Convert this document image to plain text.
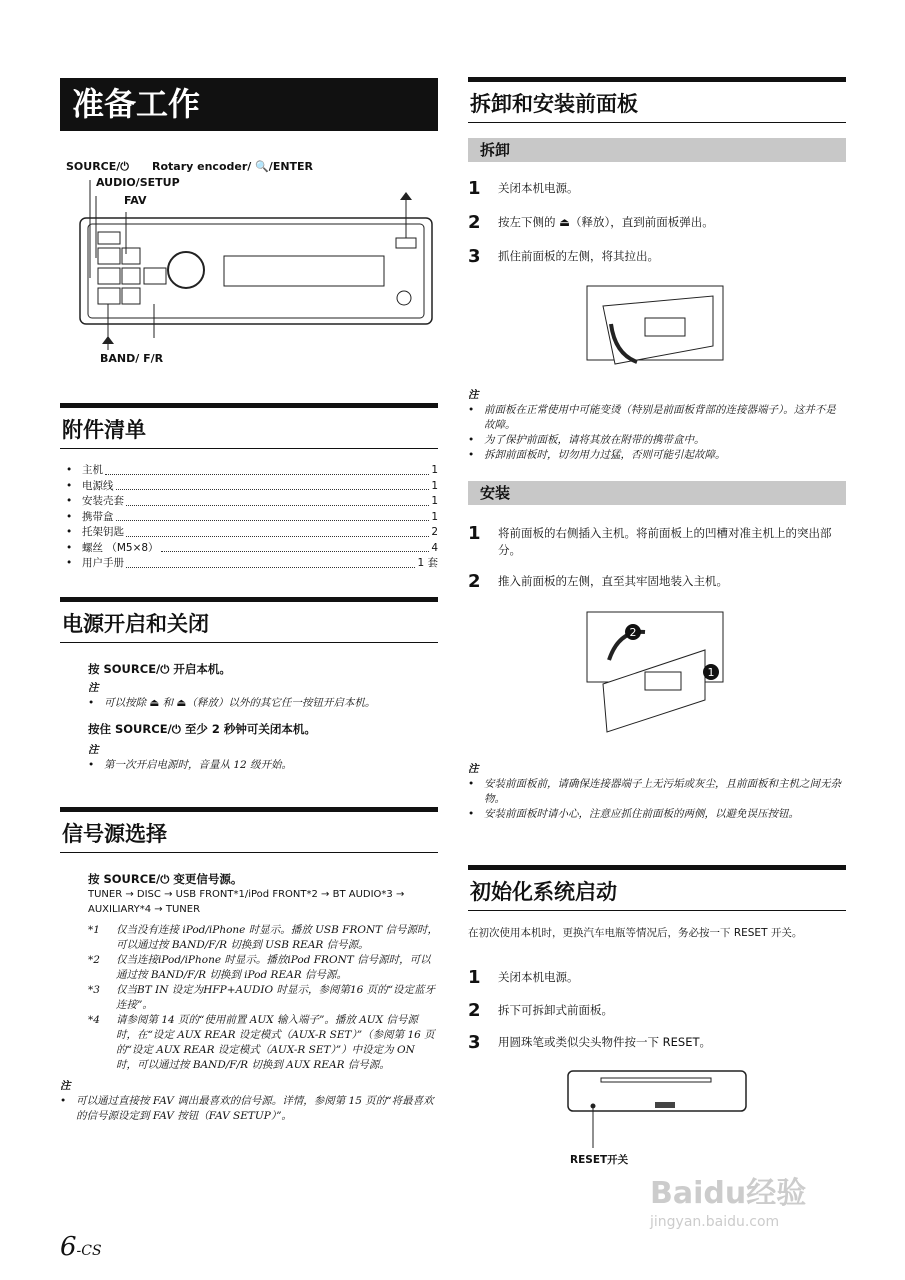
准备工作
SOURCE/⏻
AUDIO/SETUP
FAV
Rotary encoder/ 🔍/ENTER
BAND/ F/R
附件清单
• 主机	1
• 电源线	1
• 安装壳套	1
• 携带盒	1
• 托架钥匙	2
• 螺丝 （M5×8）	4
• 用户手册	1 套
电源开启和关闭
按 SOURCE/⏻ 开启本机。
注
• 可以按除 ⏏ 和 ⏏（释放）以外的其它任一按钮开启本机。
按住 SOURCE/⏻ 至少 2 秒钟可关闭本机。
注
• 第一次开启电源时，音量从 12 级开始。
信号源选择
按 SOURCE/⏻ 变更信号源。
TUNER → DISC → USB FRONT*1/iPod FRONT*2 → BT AUDIO*3 →
AUXILIARY*4 → TUNER
*1	仅当没有连接 iPod/iPhone 时显示。播放 USB FRONT 信号源时，可以通过按 BAND/F/R 切换到 USB REAR 信号源。
*2	仅当连接iPod/iPhone 时显示。播放iPod FRONT 信号源时，可以通过按 BAND/F/R 切换到 iPod REAR 信号源。
*3	仅当BT IN 设定为HFP+AUDIO 时显示，参阅第16 页的“设定蓝牙连接”。
*4	请参阅第 14 页的“使用前置 AUX 输入端子”。播放 AUX 信号源时，在“设定 AUX REAR 设定模式（AUX-R SET）”（参阅第 16 页的“设定 AUX REAR 设定模式（AUX-R SET）”）中设定为 ON 时，可以通过按 BAND/F/R 切换到 AUX REAR 信号源。
注
• 可以通过直接按 FAV 调出最喜欢的信号源。详情，参阅第 15 页的“将最喜欢的信号源设定到 FAV 按钮（FAV SETUP）”。
6-CS
拆卸和安装前面板
拆卸
1	关闭本机电源。
2	按左下侧的 ⏏（释放），直到前面板弹出。
3	抓住前面板的左侧，将其拉出。
注
• 前面板在正常使用中可能变烫（特别是前面板背部的连接器端子）。这并不是故障。
• 为了保护前面板，请将其放在附带的携带盒中。
• 拆卸前面板时，切勿用力过猛，否则可能引起故障。
安装
1	将前面板的右侧插入主机。将前面板上的凹槽对准主机上的突出部分。
2	推入前面板的左侧，直至其牢固地装入主机。
2
1
注
• 安装前面板前，请确保连接器端子上无污垢或灰尘，且前面板和主机之间无杂物。
• 安装前面板时请小心，注意应抓住前面板的两侧，以避免误压按钮。
初始化系统启动
在初次使用本机时，更换汽车电瓶等情况后，务必按一下 RESET 开关。
1	关闭本机电源。
2	拆下可拆卸式前面板。
3	用圆珠笔或类似尖头物件按一下 RESET。
RESET开关
Baidu经验
jingyan.baidu.com
